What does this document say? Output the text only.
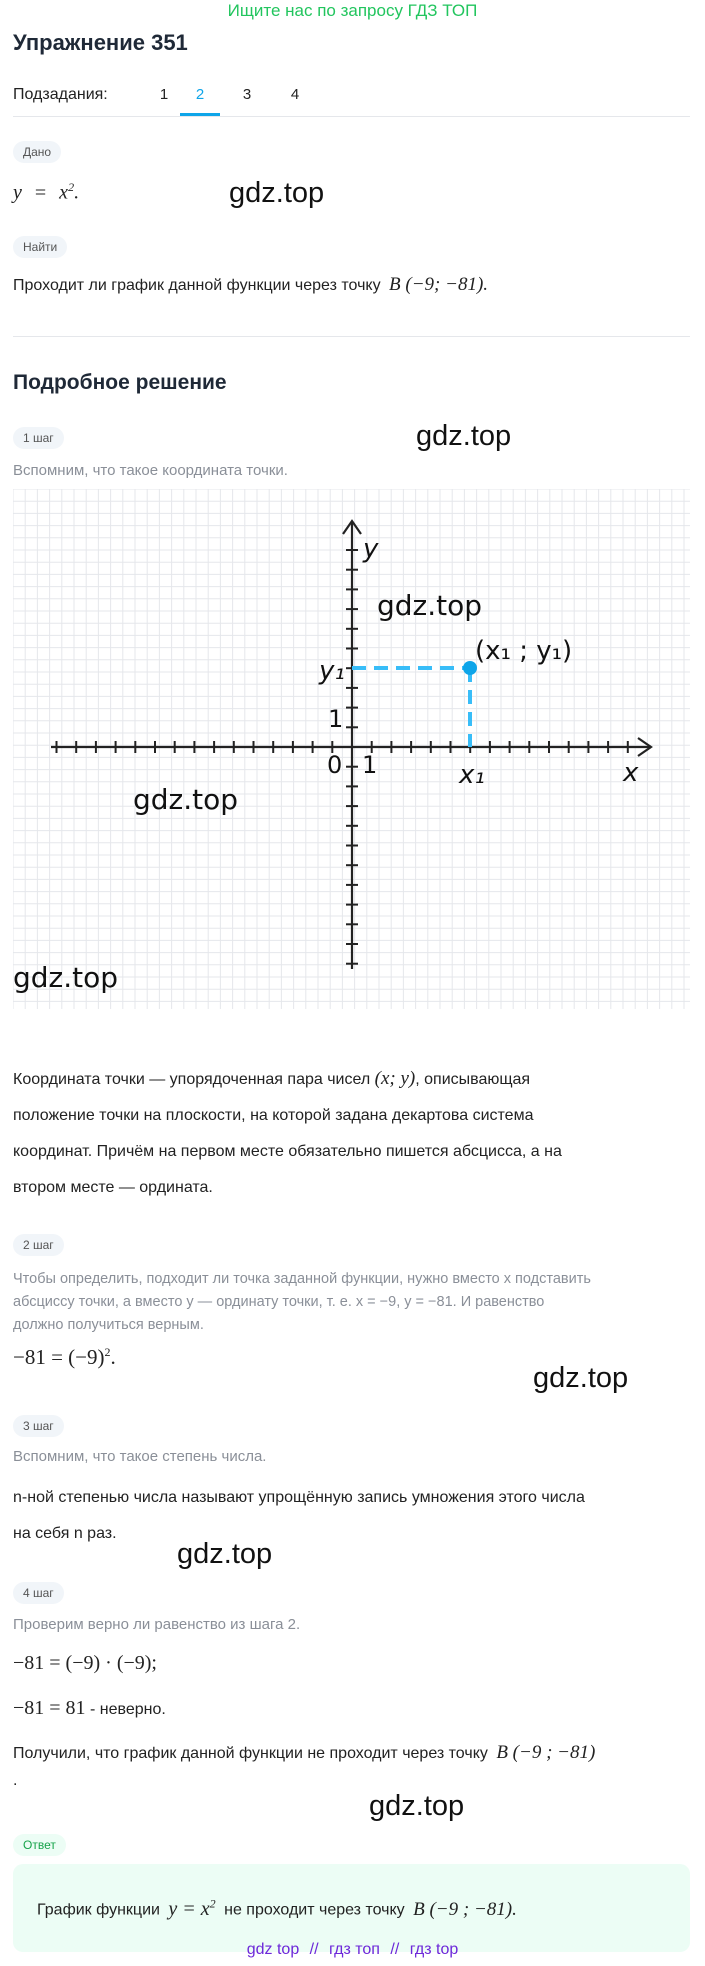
Ищите нас по запросу ГДЗ ТОП
Упражнение 351
Подзадания:	1	2	3	4
Дано
$y = x^2$.	gdz.top
Найти
Проходит ли график данной функции через точку B (−9; −81).
Подробное решение
1 шаг	gdz.top
Вспомним, что такое координата точки.
y
x
0 1
1
y₁
x₁
(x₁ ; y₁)
gdz.top
gdz.top
gdz.top
Координата точки — упорядоченная пара чисел (x; y), описывающая
положение точки на плоскости, на которой задана декартова система
координат. Причём на первом месте обязательно пишется абсцисса, а на
втором месте — ордината.
2 шаг
Чтобы определить, подходит ли точка заданной функции, нужно вместо x подставить
абсциссу точки, а вместо y — ординату точки, т. е. x = −9, y = −81. И равенство
должно получиться верным.
$-81 = (-9)^2$.
gdz.top
3 шаг
Вспомним, что такое степень числа.
n-ной степенью числа называют упрощённую запись умножения этого числа
на себя n раз.
gdz.top
4 шаг
Проверим верно ли равенство из шага 2.
−81 = (−9) · (−9);
−81 = 81 - неверно.
Получили, что график данной функции не проходит через точку B (−9 ; −81)
.
gdz.top
Ответ
График функции $y = x^2$ не проходит через точку B (−9 ; −81).
gdz top // гдз топ // гдз top
